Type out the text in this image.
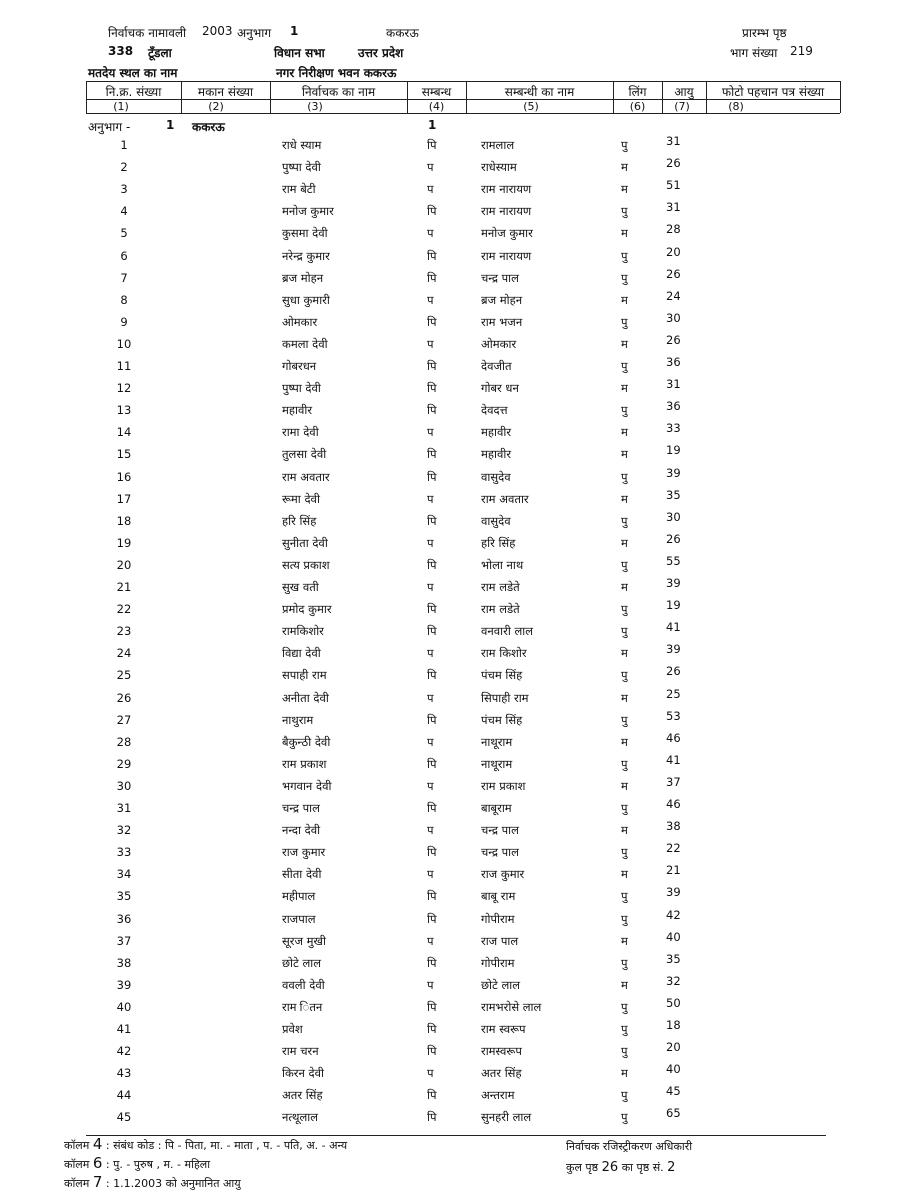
निर्वाचक नामावली 2003 अनुभाग 1	ककरऊ	प्रारम्भ पृष्ठ
338 टूँडला	विधान सभा	उत्तर प्रदेश	भाग संख्या 219
मतदेय स्थल का नाम	नगर निरीक्षण भवन ककरऊ
नि.क्र. संख्या	मकान संख्या	निर्वाचक का नाम	सम्बन्ध	सम्बन्धी का नाम	लिंग	आयु	फोटो पहचान पत्र संख्या
(1)	(2)	(3)	(4)	(5)	(6)	(7)	(8)
अनुभाग -	1 ककरऊ	1
1	राधे स्याम	पि	रामलाल	पु	31
2	पुष्पा देवी	प	राधेस्याम	म	26
3	राम बेटी	प	राम नारायण	म	51
4	मनोज कुमार	पि	राम नारायण	पु	31
5	कुसमा देवी	प	मनोज कुमार	म	28
6	नरेन्द्र कुमार	पि	राम नारायण	पु	20
7	ब्रज मोहन	पि	चन्द्र पाल	पु	26
8	सुधा कुमारी	प	ब्रज मोहन	म	24
9	ओमकार	पि	राम भजन	पु	30
10	कमला देवी	प	ओमकार	म	26
11	गोबरधन	पि	देवजीत	पु	36
12	पुष्पा देवी	पि	गोबर धन	म	31
13	महावीर	पि	देवदत्त	पु	36
14	रामा देवी	प	महावीर	म	33
15	तुलसा देवी	पि	महावीर	म	19
16	राम अवतार	पि	वासुदेव	पु	39
17	रूमा देवी	प	राम अवतार	म	35
18	हरि सिंह	पि	वासुदेव	पु	30
19	सुनीता देवी	प	हरि सिंह	म	26
20	सत्य प्रकाश	पि	भोला नाथ	पु	55
21	सुख वती	प	राम लडेते	म	39
22	प्रमोद कुमार	पि	राम लडेते	पु	19
23	रामकिशोर	पि	वनवारी लाल	पु	41
24	विद्या देवी	प	राम किशोर	म	39
25	सपाही राम	पि	पंचम सिंह	पु	26
26	अनीता देवी	प	सिपाही राम	म	25
27	नाथुराम	पि	पंचम सिंह	पु	53
28	बैकुन्ठी देवी	प	नाथूराम	म	46
29	राम प्रकाश	पि	नाथूराम	पु	41
30	भगवान देवी	प	राम प्रकाश	म	37
31	चन्द्र पाल	पि	बाबूराम	पु	46
32	नन्दा देवी	प	चन्द्र पाल	म	38
33	राज कुमार	पि	चन्द्र पाल	पु	22
34	सीता देवी	प	राज कुमार	म	21
35	महीपाल	पि	बाबू राम	पु	39
36	राजपाल	पि	गोपीराम	पु	42
37	सूरज मुखी	प	राज पाल	म	40
38	छोटे लाल	पि	गोपीराम	पु	35
39	ववली देवी	प	छोटे लाल	म	32
40	राम ितन	पि	रामभरोसे लाल	पु	50
41	प्रवेश	पि	राम स्वरूप	पु	18
42	राम चरन	पि	रामस्वरूप	पु	20
43	किरन देवी	प	अतर सिंह	म	40
44	अतर सिंह	पि	अन्तराम	पु	45
45	नत्थूलाल	पि	सुनहरी लाल	पु	65
कॉलम 4 : संबंध कोड : पि - पिता, मा. - माता , प. - पति, अ. - अन्य
कॉलम 6 : पु. - पुरुष , म. - महिला
कॉलम 7 : 1.1.2003 को अनुमानित आयु
निर्वाचक रजिस्ट्रीकरण अधिकारी
कुल पृष्ठ 26 का पृष्ठ सं. 2
